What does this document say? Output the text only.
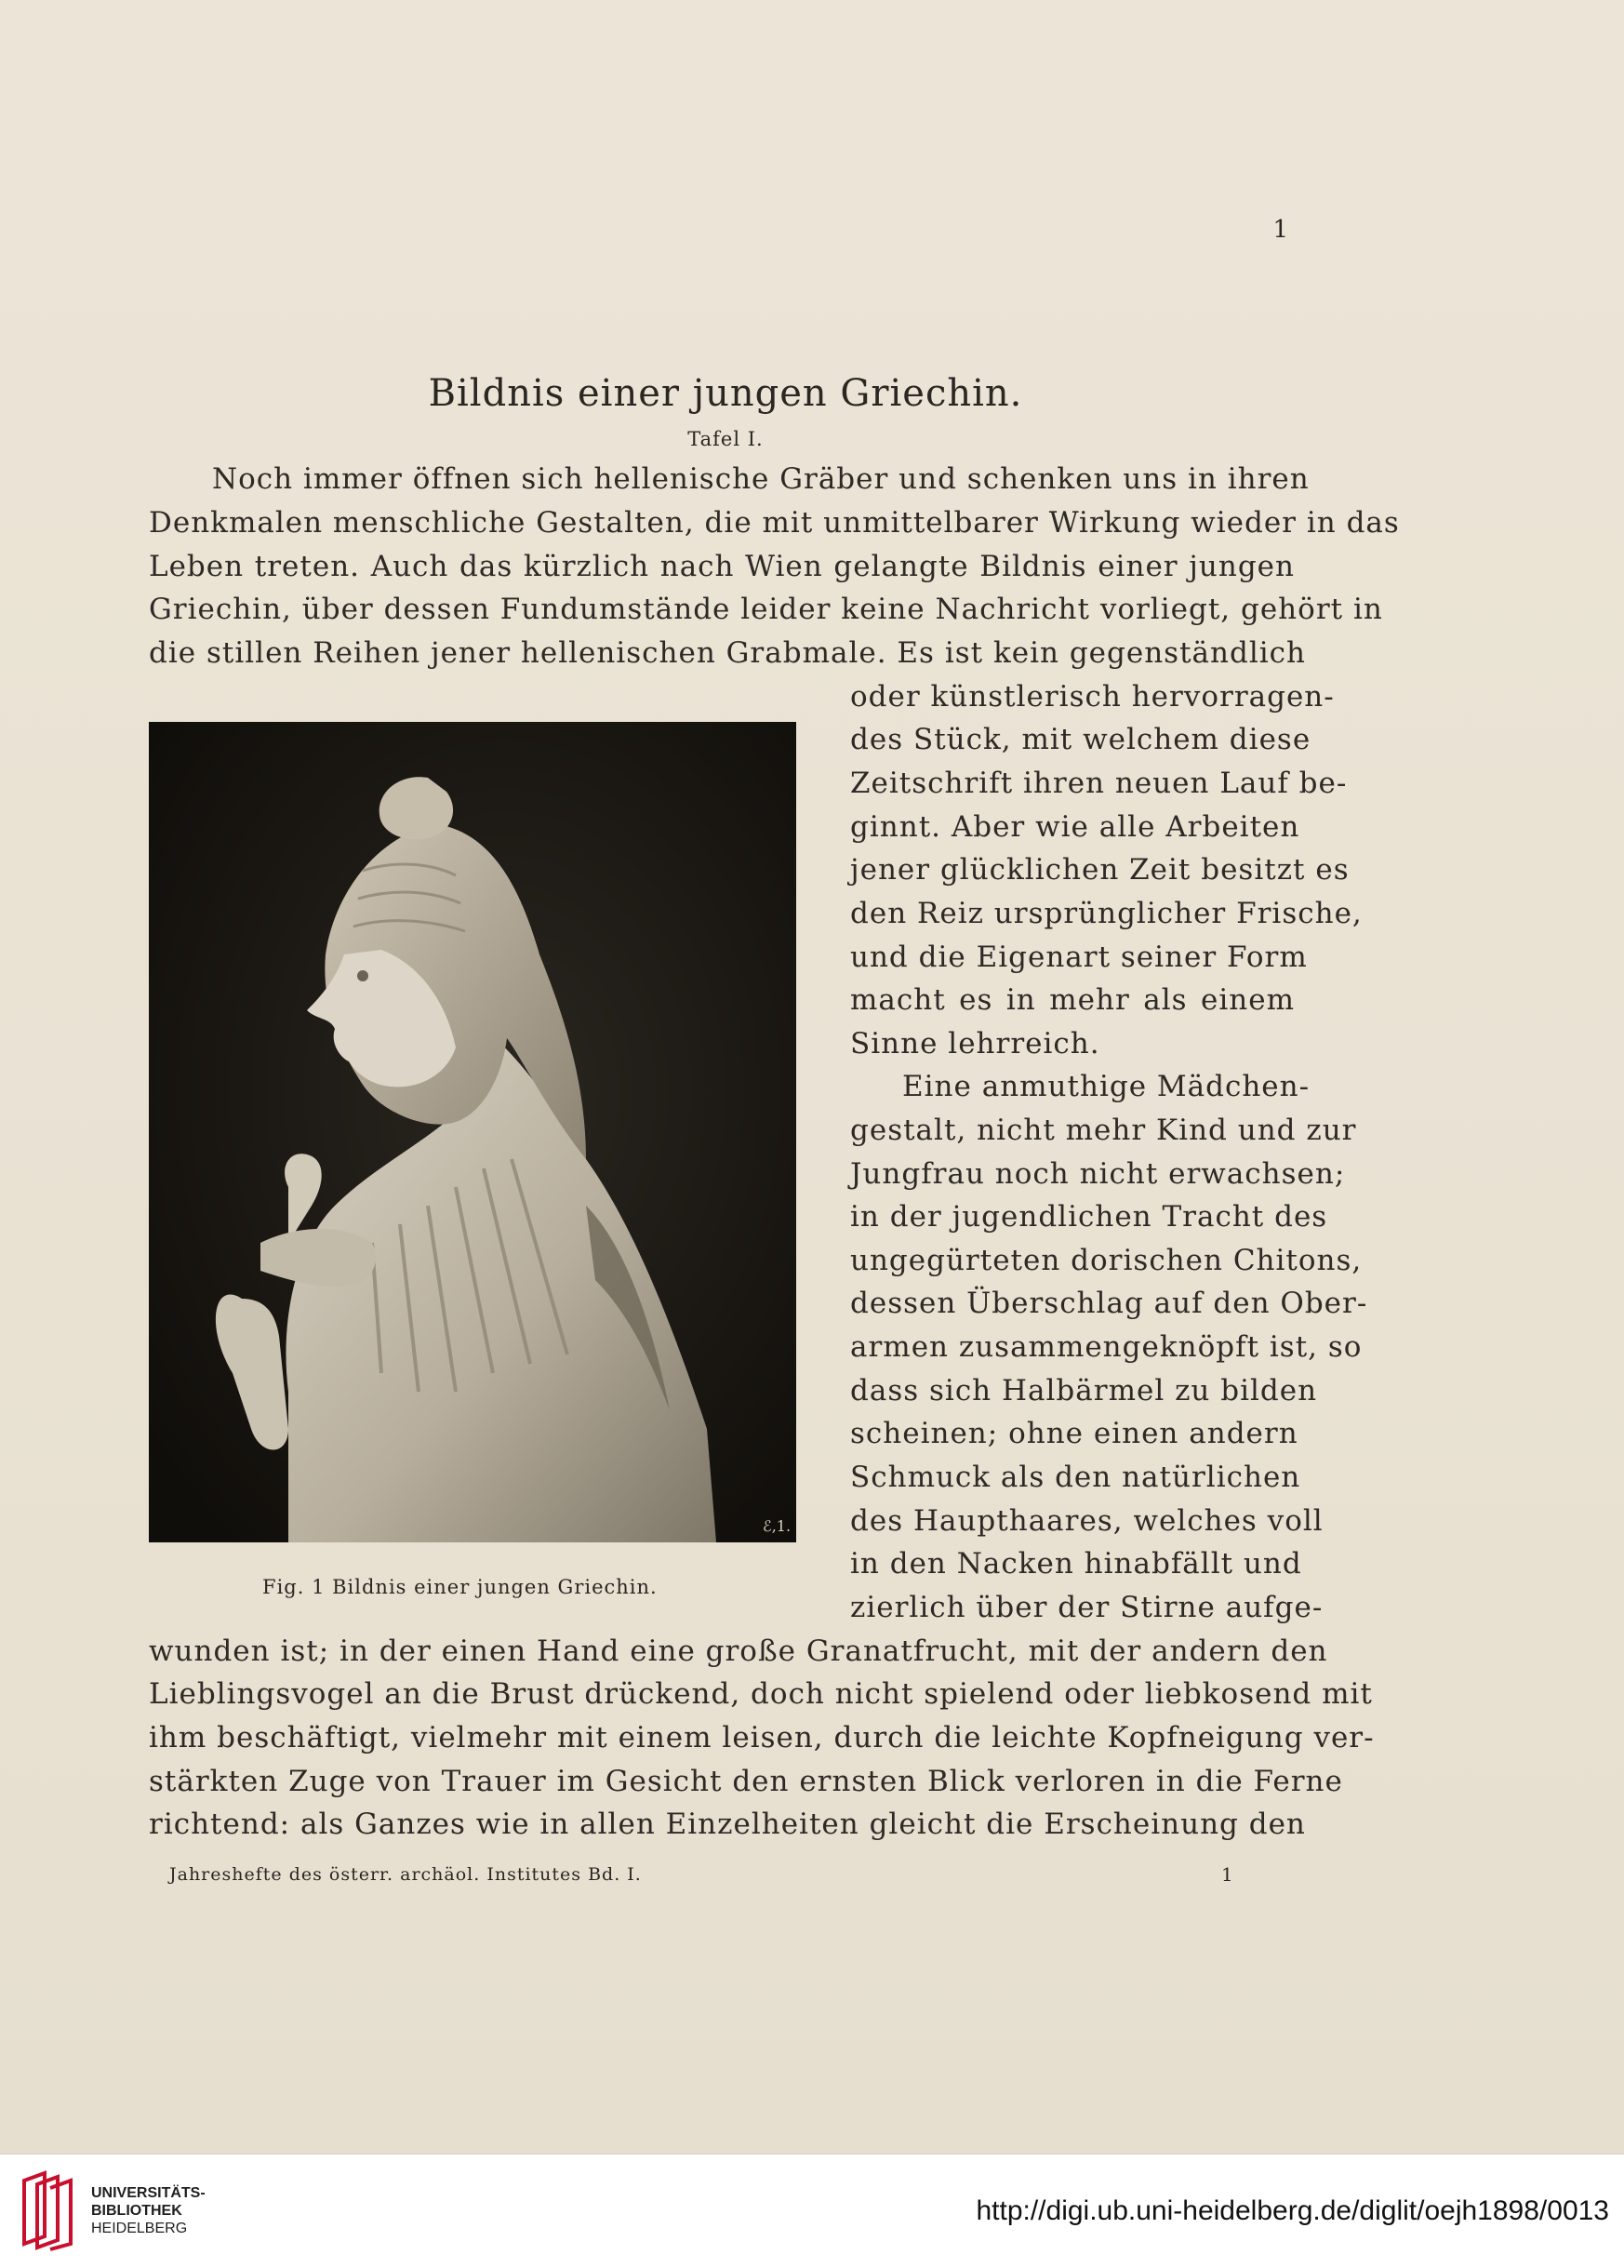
1
Bildnis einer jungen Griechin.
Tafel I.
Noch immer öffnen sich hellenische Gräber und schenken uns in ihren
Denkmalen menschliche Gestalten, die mit unmittelbarer Wirkung wieder in das
Leben treten. Auch das kürzlich nach Wien gelangte Bildnis einer jungen
Griechin, über dessen Fundumstände leider keine Nachricht vorliegt, gehört in
die stillen Reihen jener hellenischen Grabmale. Es ist kein gegenständlich
ℰ,1.
oder künstlerisch hervorragen-
des Stück, mit welchem diese
Zeitschrift ihren neuen Lauf be-
ginnt. Aber wie alle Arbeiten
jener glücklichen Zeit besitzt es
den Reiz ursprünglicher Frische,
und die Eigenart seiner Form
macht es in mehr als einem
Sinne lehrreich.
Eine anmuthige Mädchen-
gestalt, nicht mehr Kind und zur
Jungfrau noch nicht erwachsen;
in der jugendlichen Tracht des
ungegürteten dorischen Chitons,
dessen Überschlag auf den Ober-
armen zusammengeknöpft ist, so
dass sich Halbärmel zu bilden
scheinen; ohne einen andern
Schmuck als den natürlichen
des Haupthaares, welches voll
in den Nacken hinabfällt und
zierlich über der Stirne aufge-
Fig. 1 Bildnis einer jungen Griechin.
wunden ist; in der einen Hand eine große Granatfrucht, mit der andern den
Lieblingsvogel an die Brust drückend, doch nicht spielend oder liebkosend mit
ihm beschäftigt, vielmehr mit einem leisen, durch die leichte Kopfneigung ver-
stärkten Zuge von Trauer im Gesicht den ernsten Blick verloren in die Ferne
richtend: als Ganzes wie in allen Einzelheiten gleicht die Erscheinung den
Jahreshefte des österr. archäol. Institutes Bd. I.	1
UNIVERSITÄTS-
BIBLIOTHEK
HEIDELBERG
http://digi.ub.uni-heidelberg.de/diglit/oejh1898/0013
